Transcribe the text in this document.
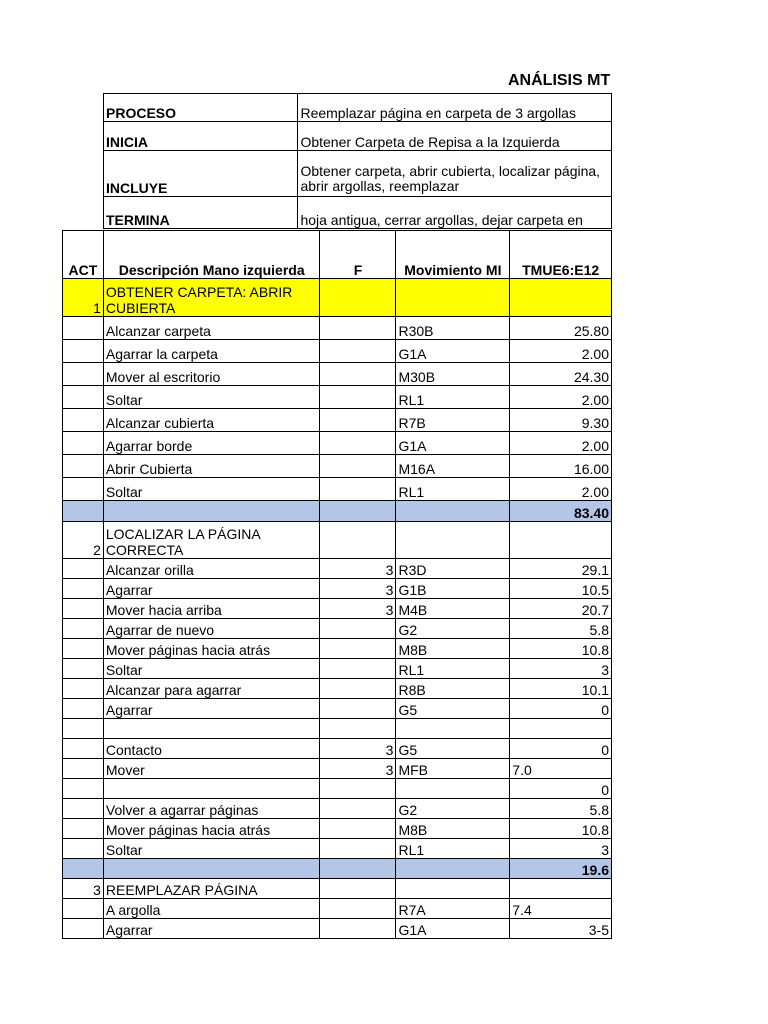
ANÁLISIS MT
PROCESO	Reemplazar página en carpeta de 3 argollas
INICIA	Obtener Carpeta de Repisa a la Izquierda
INCLUYE	Obtener carpeta, abrir cubierta, localizar página, abrir argollas, reemplazar

TERMINA	hoja antigua, cerrar argollas, dejar carpeta en
ACT	Descripción Mano izquierda	F	Movimiento MI	TMUE6:E12
1	OBTENER CARPETA: ABRIR CUBIERTA			
	Alcanzar carpeta		R30B	25.80
	Agarrar la carpeta		G1A	2.00
	Mover al escritorio		M30B	24.30
	Soltar		RL1	2.00
	Alcanzar cubierta		R7B	9.30
	Agarrar borde		G1A	2.00
	Abrir Cubierta		M16A	16.00
	Soltar		RL1	2.00
				83.40
2	LOCALIZAR LA PÁGINA CORRECTA			
	Alcanzar orilla	3	R3D	29.1
	Agarrar	3	G1B	10.5
	Mover hacia arriba	3	M4B	20.7
	Agarrar de nuevo		G2	5.8
	Mover páginas hacia atrás		M8B	10.8
	Soltar		RL1	3
	Alcanzar para agarrar		R8B	10.1
	Agarrar		G5	0

	Contacto	3	G5	0
	Mover	3	MFB	7.0
				0
	Volver a agarrar páginas		G2	5.8
	Mover páginas hacia atrás		M8B	10.8
	Soltar		RL1	3
				19.6
3	REEMPLAZAR PÁGINA			
	A argolla		R7A	7.4
	Agarrar		G1A	3-5
